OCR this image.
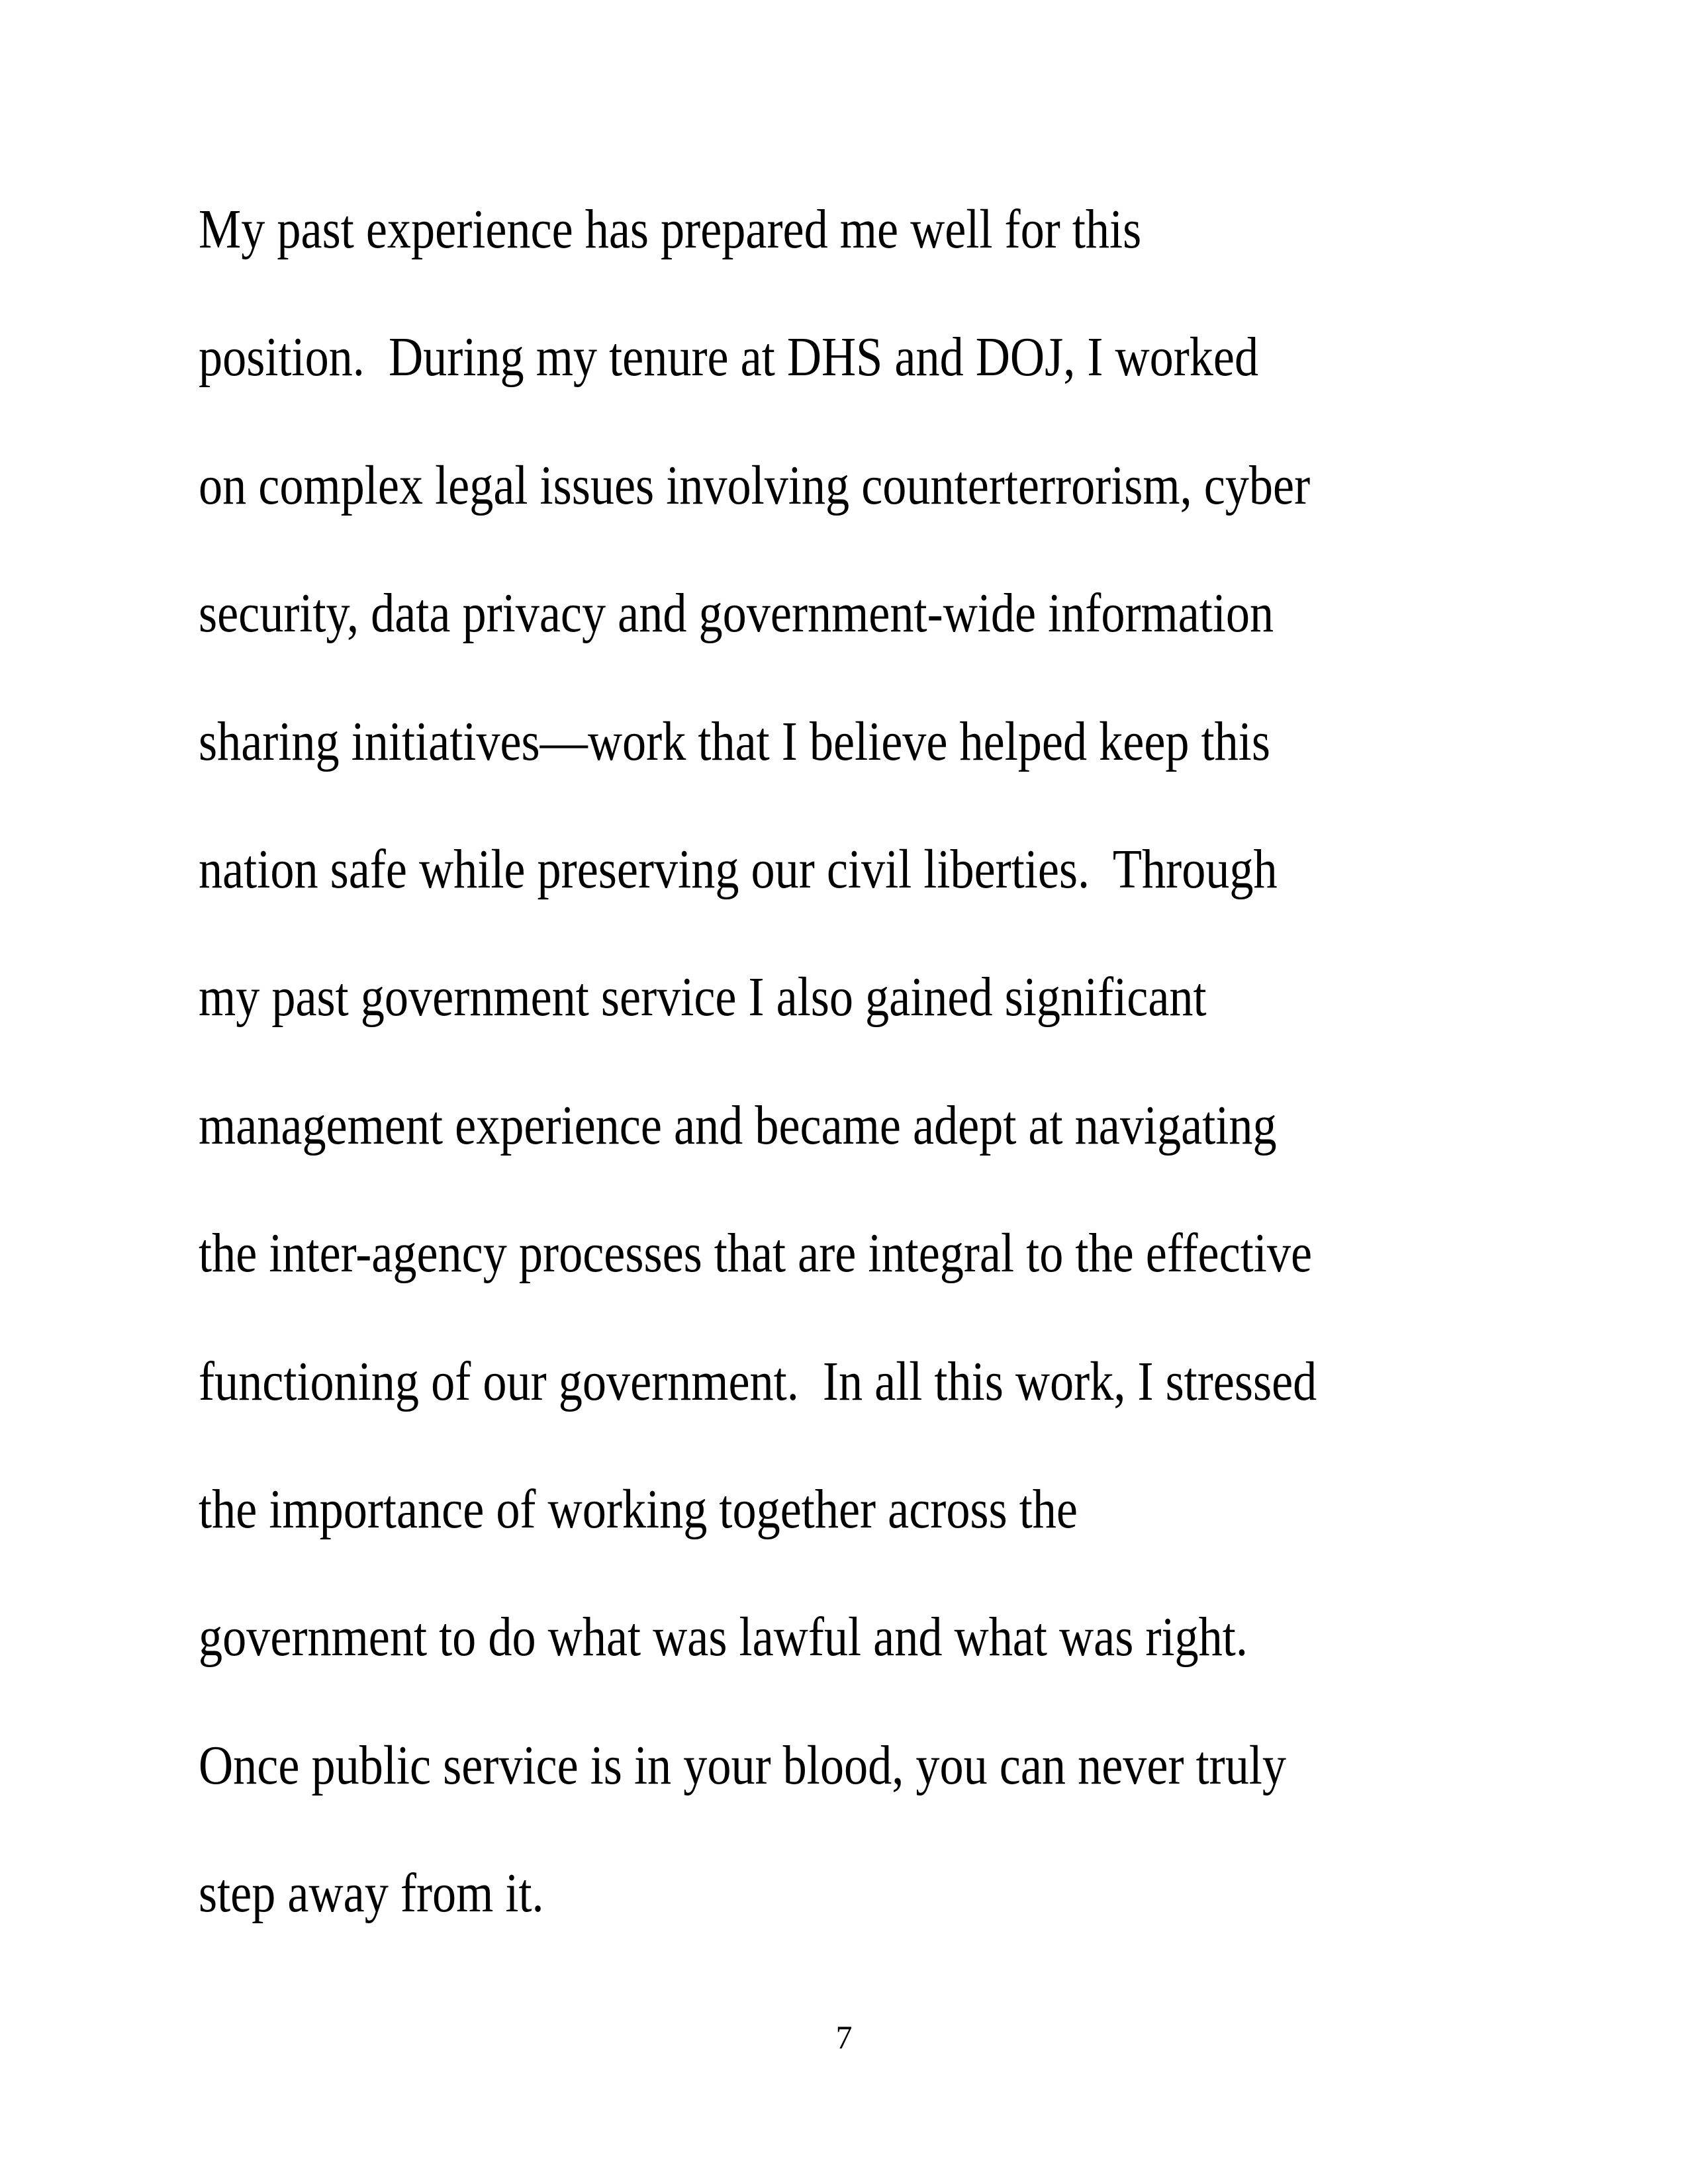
My past experience has prepared me well for this
position.  During my tenure at DHS and DOJ, I worked
on complex legal issues involving counterterrorism, cyber
security, data privacy and government-wide information
sharing initiatives—work that I believe helped keep this
nation safe while preserving our civil liberties.  Through
my past government service I also gained significant
management experience and became adept at navigating
the inter-agency processes that are integral to the effective
functioning of our government.  In all this work, I stressed
the importance of working together across the
government to do what was lawful and what was right.
Once public service is in your blood, you can never truly
step away from it.
7
